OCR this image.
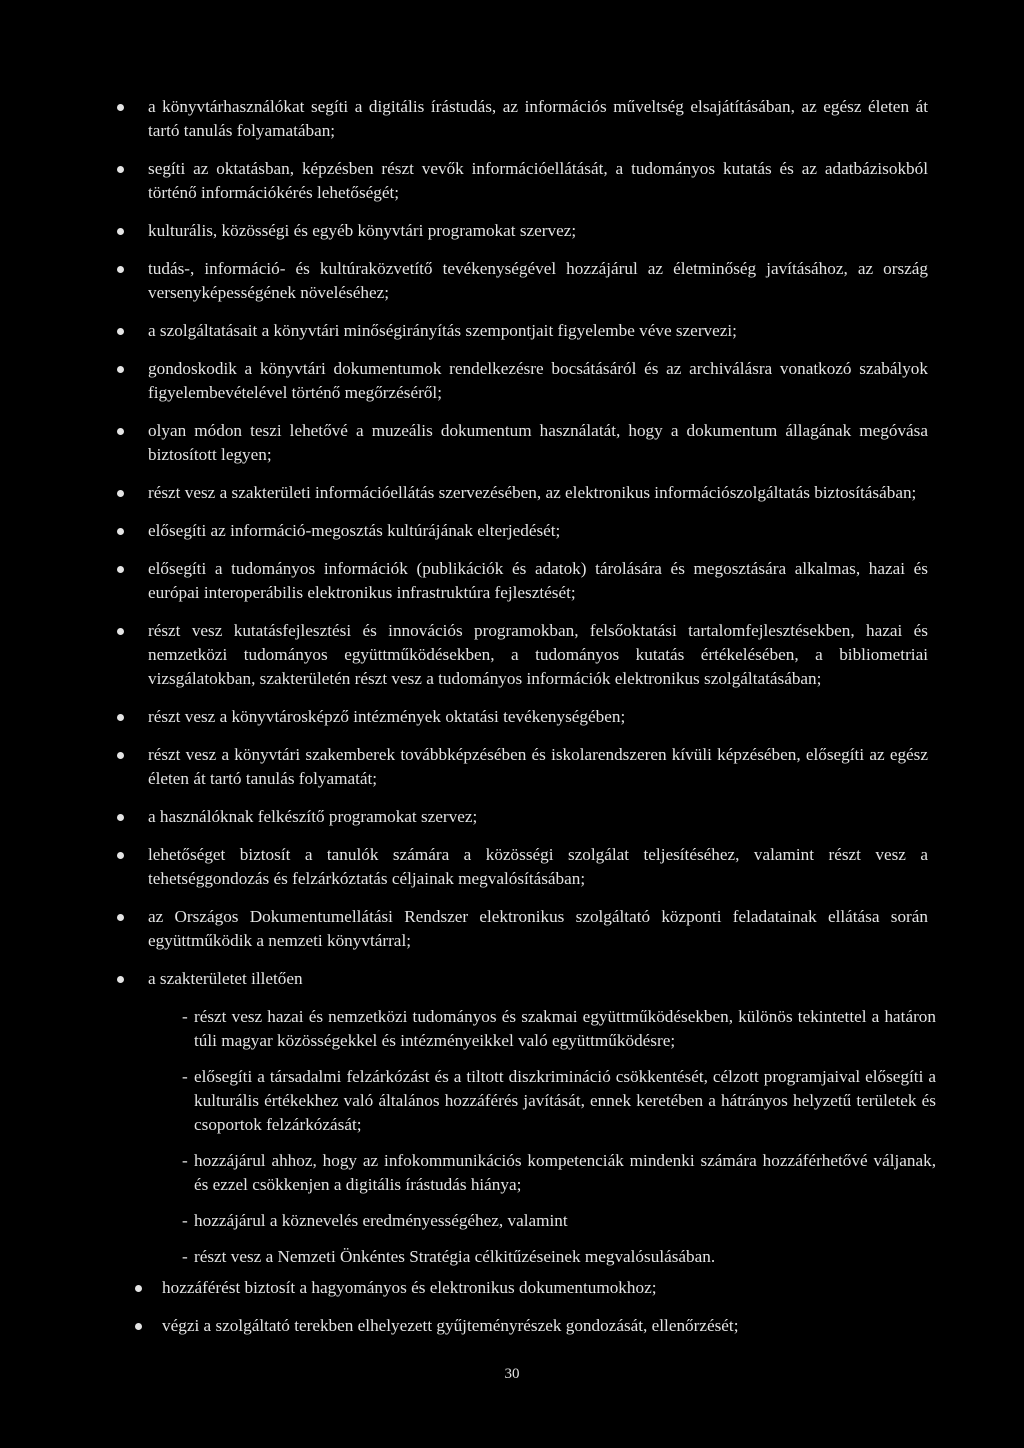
a könyvtárhasználókat segíti a digitális írástudás, az információs műveltség elsajátításában, az egész életen át tartó tanulás folyamatában;
segíti az oktatásban, képzésben részt vevők információellátását, a tudományos kutatás és az adatbázisokból történő információkérés lehetőségét;
kulturális, közösségi és egyéb könyvtári programokat szervez;
tudás-, információ- és kultúraközvetítő tevékenységével hozzájárul az életminőség javításához, az ország versenyképességének növeléséhez;
a szolgáltatásait a könyvtári minőségirányítás szempontjait figyelembe véve szervezi;
gondoskodik a könyvtári dokumentumok rendelkezésre bocsátásáról és az archiválásra vonatkozó szabályok figyelembevételével történő megőrzéséről;
olyan módon teszi lehetővé a muzeális dokumentum használatát, hogy a dokumentum állagának megóvása biztosított legyen;
részt vesz a szakterületi információellátás szervezésében, az elektronikus információszolgáltatás biztosításában;
elősegíti az információ-megosztás kultúrájának elterjedését;
elősegíti a tudományos információk (publikációk és adatok) tárolására és megosztására alkalmas, hazai és európai interoperábilis elektronikus infrastruktúra fejlesztését;
részt vesz kutatásfejlesztési és innovációs programokban, felsőoktatási tartalomfejlesztésekben, hazai és nemzetközi tudományos együttműködésekben, a tudományos kutatás értékelésében, a bibliometriai vizsgálatokban, szakterületén részt vesz a tudományos információk elektronikus szolgáltatásában;
részt vesz a könyvtárosképző intézmények oktatási tevékenységében;
részt vesz a könyvtári szakemberek továbbképzésében és iskolarendszeren kívüli képzésében, elősegíti az egész életen át tartó tanulás folyamatát;
a használóknak felkészítő programokat szervez;
lehetőséget biztosít a tanulók számára a közösségi szolgálat teljesítéséhez, valamint részt vesz a tehetséggondozás és felzárkóztatás céljainak megvalósításában;
az Országos Dokumentumellátási Rendszer elektronikus szolgáltató központi feladatainak ellátása során együttműködik a nemzeti könyvtárral;
a szakterületet illetően
- részt vesz hazai és nemzetközi tudományos és szakmai együttműködésekben, különös tekintettel a határon túli magyar közösségekkel és intézményeikkel való együttműködésre;
- elősegíti a társadalmi felzárkózást és a tiltott diszkrimináció csökkentését, célzott programjaival elősegíti a kulturális értékekhez való általános hozzáférés javítását, ennek keretében a hátrányos helyzetű területek és csoportok felzárkózását;
- hozzájárul ahhoz, hogy az infokommunikációs kompetenciák mindenki számára hozzáférhetővé váljanak, és ezzel csökkenjen a digitális írástudás hiánya;
- hozzájárul a köznevelés eredményességéhez, valamint
- részt vesz a Nemzeti Önkéntes Stratégia célkitűzéseinek megvalósulásában.
hozzáférést biztosít a hagyományos és elektronikus dokumentumokhoz;
végzi a szolgáltató terekben elhelyezett gyűjteményrészek gondozását, ellenőrzését;
30
